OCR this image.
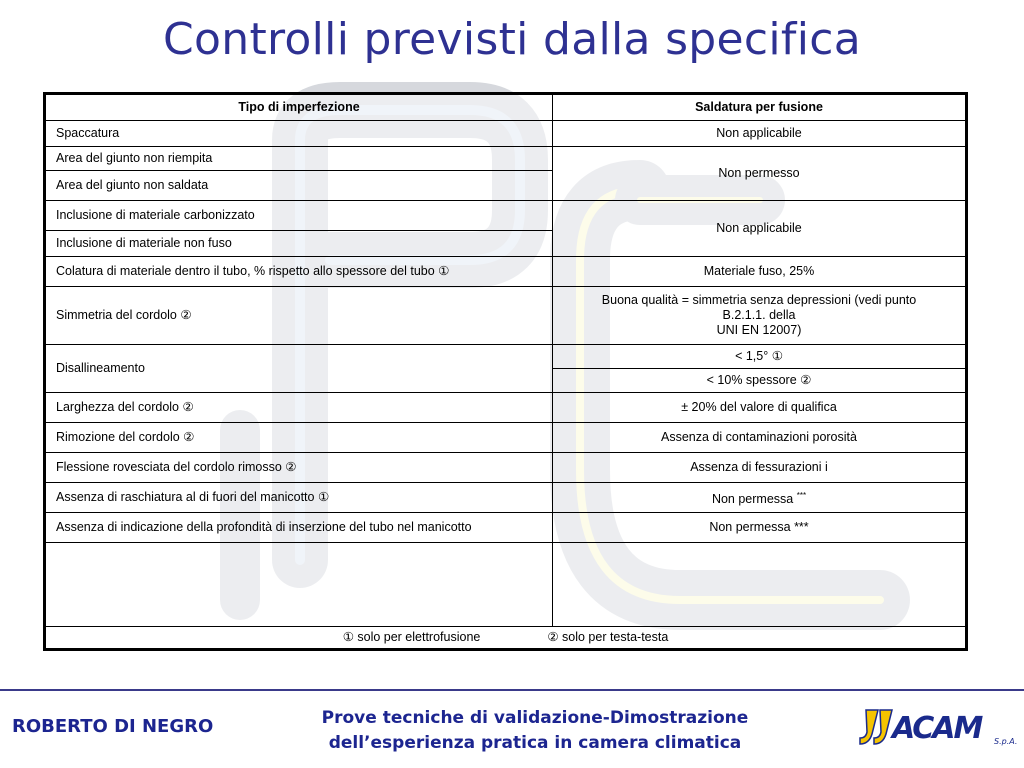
Controlli previsti dalla specifica
Tipo di imperfezione	Saldatura per fusione
Spaccatura	Non applicabile
Area del giunto non riempita	Non permesso
Area del giunto non saldata	
Inclusione di materiale carbonizzato	Non applicabile
Inclusione di materiale non fuso	
Colatura di materiale dentro il tubo, % rispetto allo spessore del tubo ①	Materiale fuso, 25%
Simmetria del cordolo ②	Buona qualità = simmetria senza depressioni (vedi punto
B.2.1.1. della
UNI EN 12007)

Disallineamento	< 1,5° ①
	< 10% spessore ②
Larghezza del cordolo ②	± 20% del valore di qualifica
Rimozione del cordolo ②	Assenza di contaminazioni porosità
Flessione rovesciata del cordolo rimosso ②	Assenza di fessurazioni i
Assenza di raschiatura al di fuori del manicotto ①	Non permessa ***
Assenza di indicazione della profondità di inserzione del tubo nel manicotto	Non permessa ***

① solo per elettrofusione ② solo per testa-testa	
ROBERTO DI NEGRO	Prove tecniche di validazione-Dimostrazione
dell’esperienza pratica in camera climatica	ACAM S.p.A.
